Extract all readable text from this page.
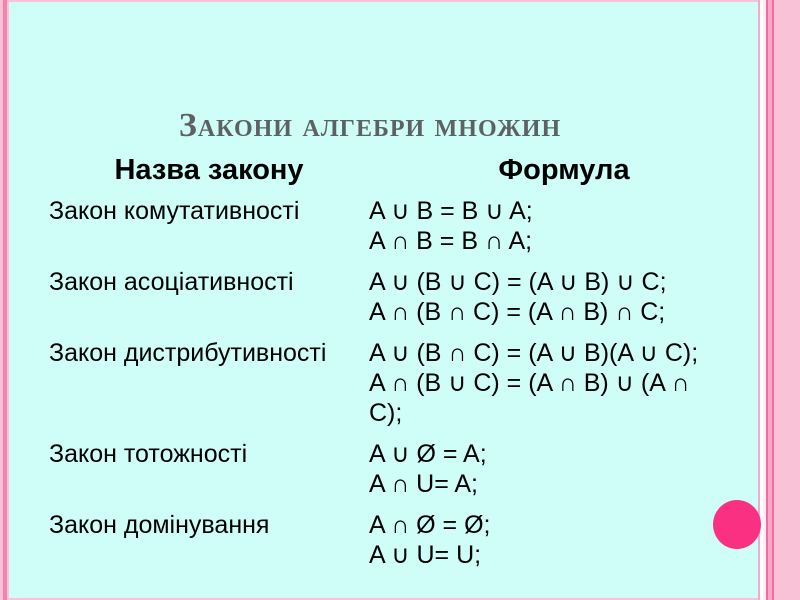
Закони алгебри множин
Назва закону	Формула
Закон комутативності	A ∪ B = B ∪ A;
A ∩ B = B ∩ A;
Закон асоціативності	A ∪ (B ∪ C) = (A ∪ B) ∪ C;
A ∩ (B ∩ C) = (A ∩ B) ∩ C;
Закон дистрибутивності	A ∪ (B ∩ C) = (A ∪ B)(A ∪ C);
A ∩ (B ∪ C) = (A ∩ B) ∪ (A ∩
C);
Закон тотожності	A ∪ Ø = A;
A ∩ U= A;
Закон домінування	A ∩ Ø = Ø;
A ∪ U= U;
